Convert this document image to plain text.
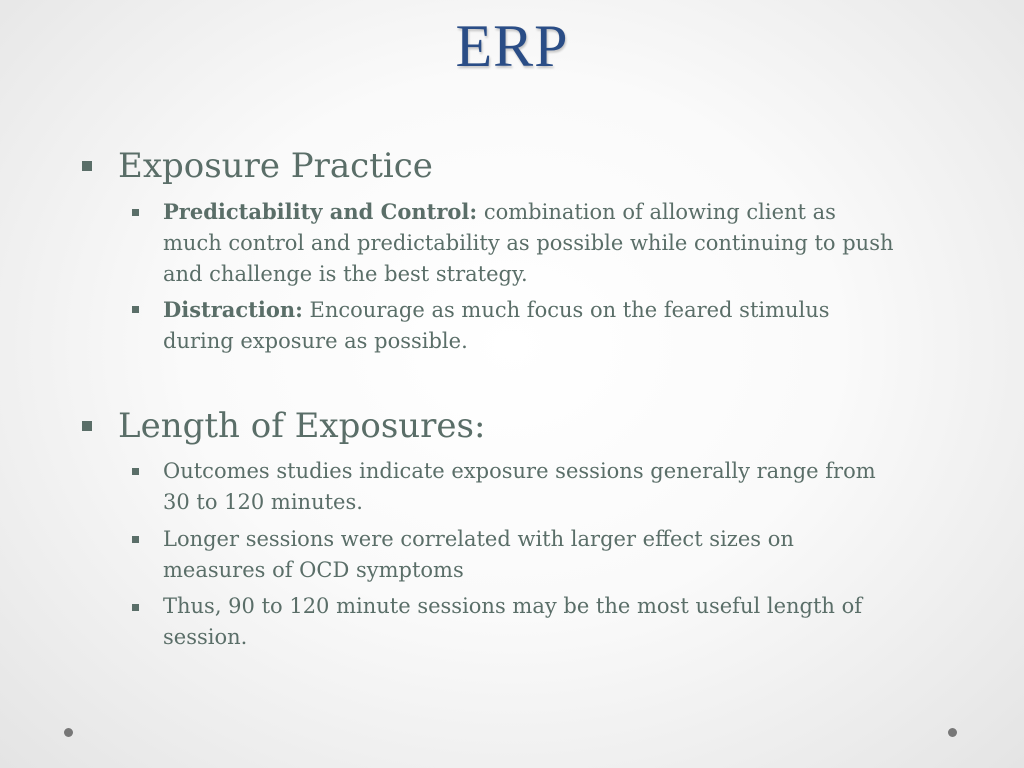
ERP
Exposure Practice
Predictability and Control: combination of allowing client as much control and predictability as possible while continuing to push and challenge is the best strategy.
Distraction: Encourage as much focus on the feared stimulus during exposure as possible.
Length of Exposures:
Outcomes studies indicate exposure sessions generally range from 30 to 120 minutes.
Longer sessions were correlated with larger effect sizes on measures of OCD symptoms
Thus, 90 to 120 minute sessions may be the most useful length of session.
